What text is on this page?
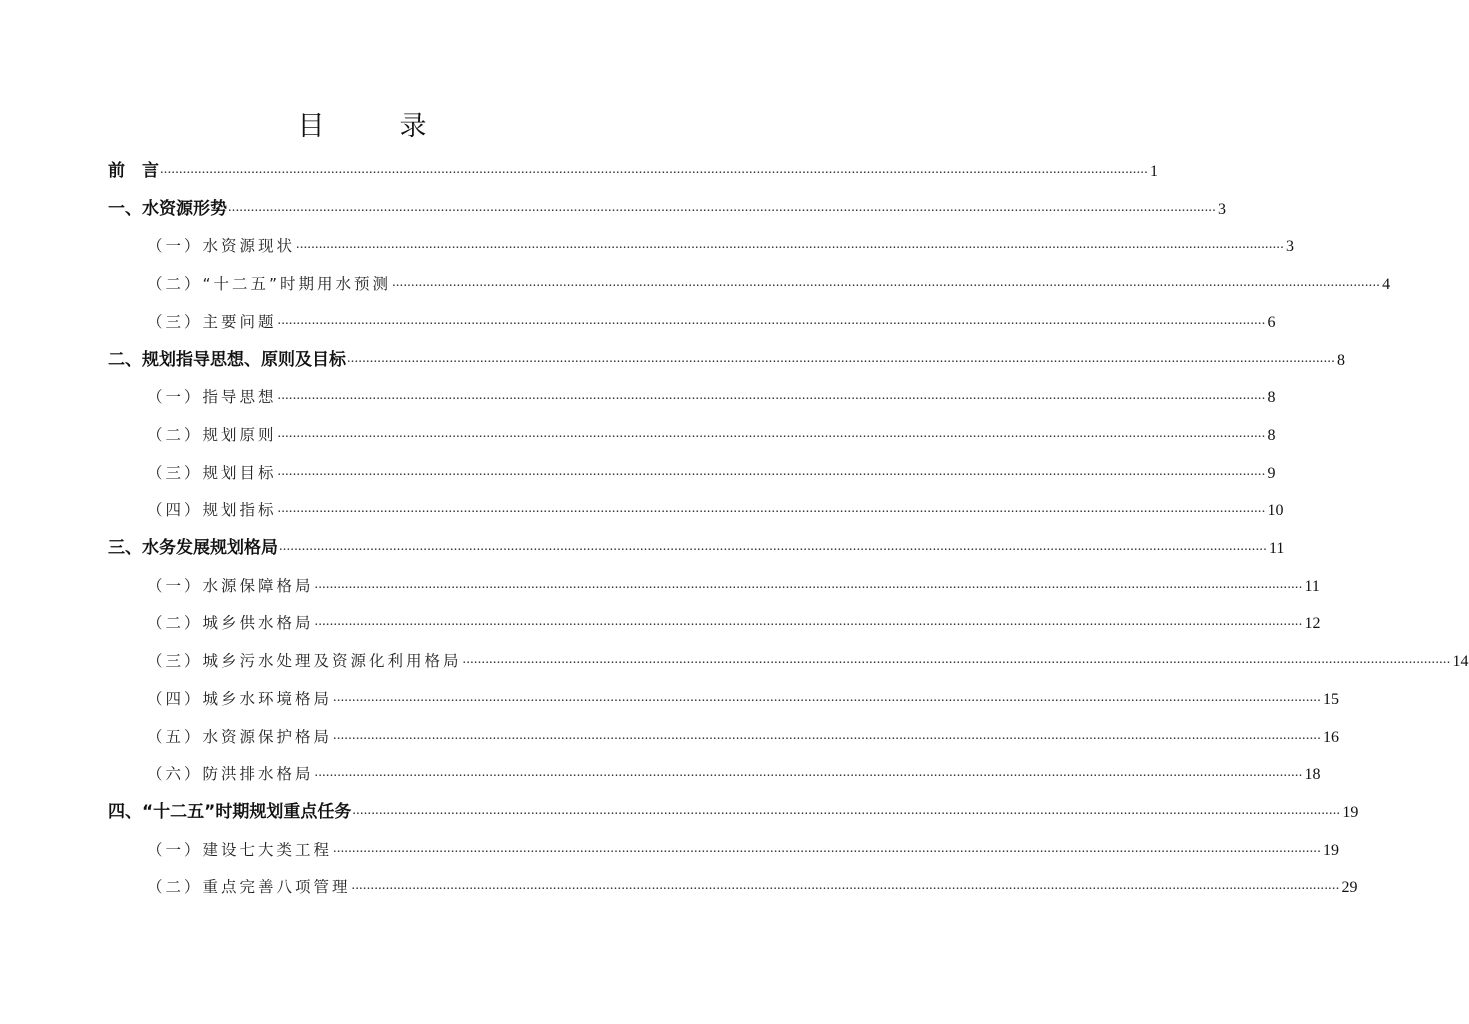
目　录
前　言 .................................................................................................................................................................................................................................................................... 1
一、水资源形势 .................................................................................................................................................................................................................................................................... 3
（一）水资源现状 .................................................................................................................................................................................................................................................................... 3
（二）“十二五”时期用水预测 .................................................................................................................................................................................................................................................................... 4
（三）主要问题 .................................................................................................................................................................................................................................................................... 6
二、规划指导思想、原则及目标 .................................................................................................................................................................................................................................................................... 8
（一）指导思想 .................................................................................................................................................................................................................................................................... 8
（二）规划原则 .................................................................................................................................................................................................................................................................... 8
（三）规划目标 .................................................................................................................................................................................................................................................................... 9
（四）规划指标 .................................................................................................................................................................................................................................................................... 10
三、水务发展规划格局 .................................................................................................................................................................................................................................................................... 11
（一）水源保障格局 .................................................................................................................................................................................................................................................................... 11
（二）城乡供水格局 .................................................................................................................................................................................................................................................................... 12
（三）城乡污水处理及资源化利用格局 .................................................................................................................................................................................................................................................................... 14
（四）城乡水环境格局 .................................................................................................................................................................................................................................................................... 15
（五）水资源保护格局 .................................................................................................................................................................................................................................................................... 16
（六）防洪排水格局 .................................................................................................................................................................................................................................................................... 18
四、“十二五”时期规划重点任务 .................................................................................................................................................................................................................................................................... 19
（一）建设七大类工程 .................................................................................................................................................................................................................................................................... 19
（二）重点完善八项管理 .................................................................................................................................................................................................................................................................... 29
